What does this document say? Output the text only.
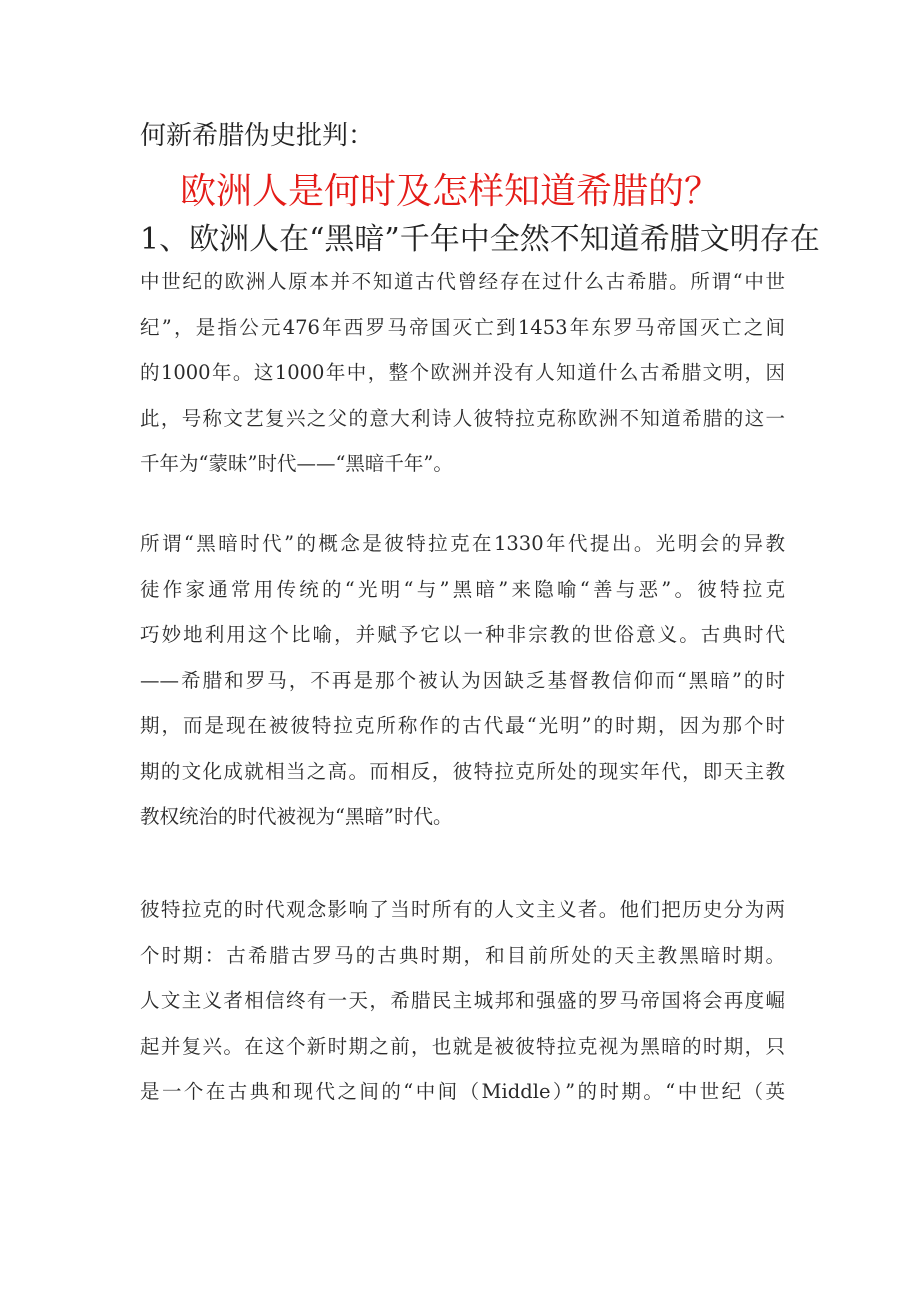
何新希腊伪史批判：
欧洲人是何时及怎样知道希腊的？
1、欧洲人在“黑暗”千年中全然不知道希腊文明存在

中世纪的欧洲人原本并不知道古代曾经存在过什么古希腊。所谓“中世
纪”，是指公元476年西罗马帝国灭亡到1453年东罗马帝国灭亡之间
的1000年。这1000年中，整个欧洲并没有人知道什么古希腊文明，因
此，号称文艺复兴之父的意大利诗人彼特拉克称欧洲不知道希腊的这一
千年为“蒙昧”时代——“黑暗千年”。

所谓“黑暗时代”的概念是彼特拉克在1330年代提出。光明会的异教
徒作家通常用传统的“光明“与”黑暗”来隐喻“善与恶”。彼特拉克
巧妙地利用这个比喻，并赋予它以一种非宗教的世俗意义。古典时代
——希腊和罗马，不再是那个被认为因缺乏基督教信仰而“黑暗”的时
期，而是现在被彼特拉克所称作的古代最“光明”的时期，因为那个时
期的文化成就相当之高。而相反，彼特拉克所处的现实年代，即天主教
教权统治的时代被视为“黑暗”时代。

彼特拉克的时代观念影响了当时所有的人文主义者。他们把历史分为两
个时期：古希腊古罗马的古典时期，和目前所处的天主教黑暗时期。
人文主义者相信终有一天，希腊民主城邦和强盛的罗马帝国将会再度崛
起并复兴。在这个新时期之前，也就是被彼特拉克视为黑暗的时期，只
是一个在古典和现代之间的“中间（Middle）”的时期。“中世纪（英
